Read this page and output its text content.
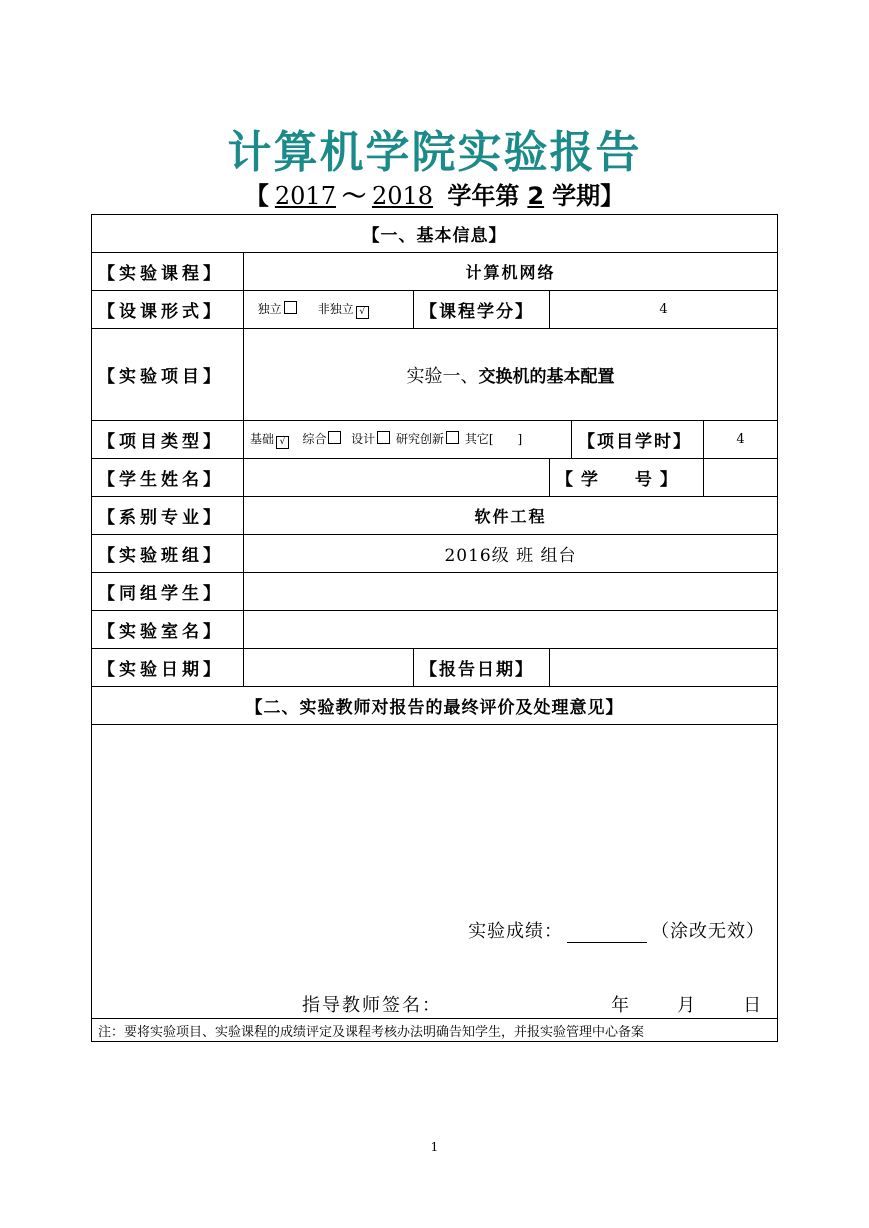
计算机学院实验报告
【 2017 ～ 2018 学年第 2 学期】
【一、基本信息】					
【实验课程】	计算机网络				
【设课形式】	独立 非独立 √	【课程学分】	4		
【实验项目】	实验一、交换机的基本配置				
【项目类型】	基础 √ 综合 设计 研究创新 其它[　　]			【项目学时】	4
【学生姓名】			【 学　　号 】		
【系别专业】	软件工程				
【实验班组】	2016级 班 组台				
【同组学生】					
【实验室名】					
【实验日期】		【报告日期】			
【二、实验教师对报告的最终评价及处理意见】					

实验成绩： （涂改无效）
指导教师签名： 年 月 日					

注：要将实验项目、实验课程的成绩评定及课程考核办法明确告知学生，并报实验管理中心备案					
1
